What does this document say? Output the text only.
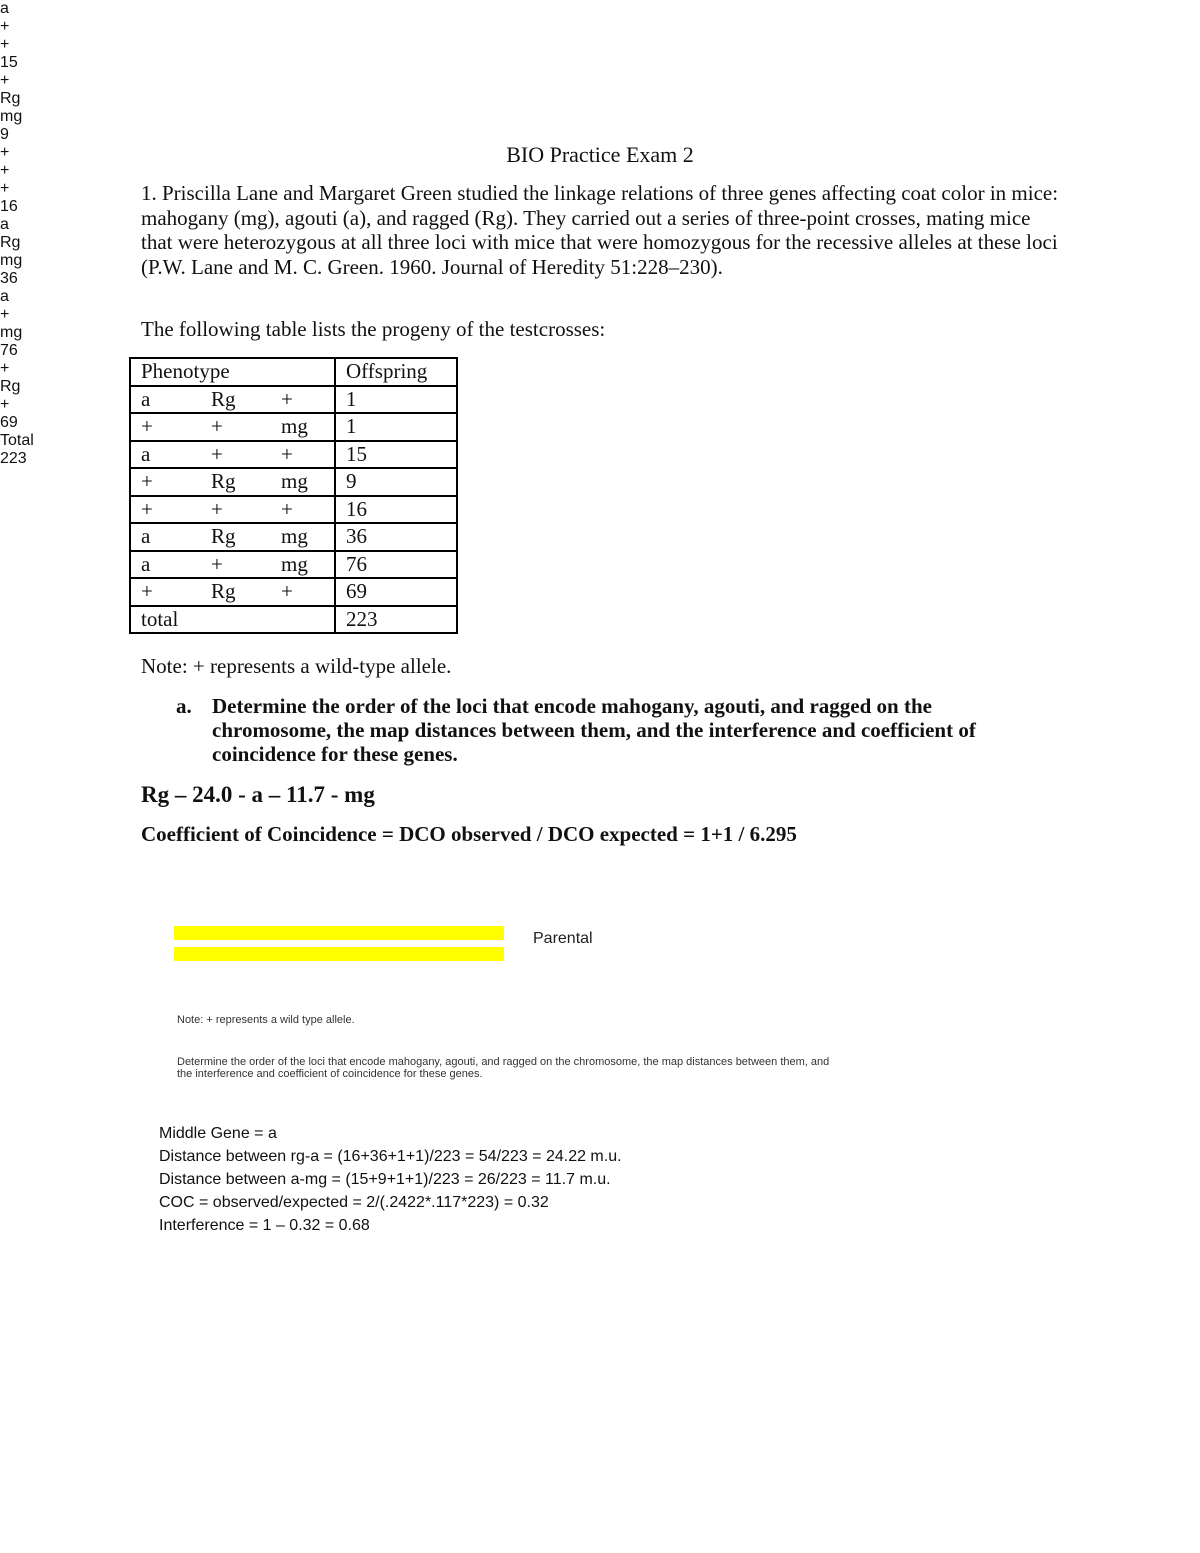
BIO Practice Exam 2
1. Priscilla Lane and Margaret Green studied the linkage relations of three genes affecting coat color in mice: mahogany (mg), agouti (a), and ragged (Rg). They carried out a series of three-point crosses, mating mice that were heterozygous at all three loci with mice that were homozygous for the recessive alleles at these loci (P.W. Lane and M. C. Green. 1960. Journal of Heredity 51:228–230).
The following table lists the progeny of the testcrosses:
Phenotype	Offspring
a Rg +	1
+ + mg	1
a + +	15
+ Rg mg	9
+ + +	16
a Rg mg	36
a + mg	76
+ Rg +	69
total	223
Note: + represents a wild-type allele.
a. Determine the order of the loci that encode mahogany, agouti, and ragged on the chromosome, the map distances between them, and the interference and coefficient of coincidence for these genes.
Rg – 24.0 - a – 11.7 - mg
Coefficient of Coincidence = DCO observed / DCO expected = 1+1 / 6.295
a
+
+
15
+
Rg
mg
9
+
+
+
16
a
Rg
mg
36
a
+
mg
76
+
Rg
+
69
Total
223
Parental
Note: + represents a wild type allele.
Determine the order of the loci that encode mahogany, agouti, and ragged on the chromosome, the map distances between them, and the interference and coefficient of coincidence for these genes.
Middle Gene = a
Distance between rg-a = (16+36+1+1)/223 = 54/223 = 24.22 m.u.
Distance between a-mg = (15+9+1+1)/223 = 26/223 = 11.7 m.u.
COC = observed/expected = 2/(.2422*.117*223) = 0.32
Interference = 1 – 0.32 = 0.68
